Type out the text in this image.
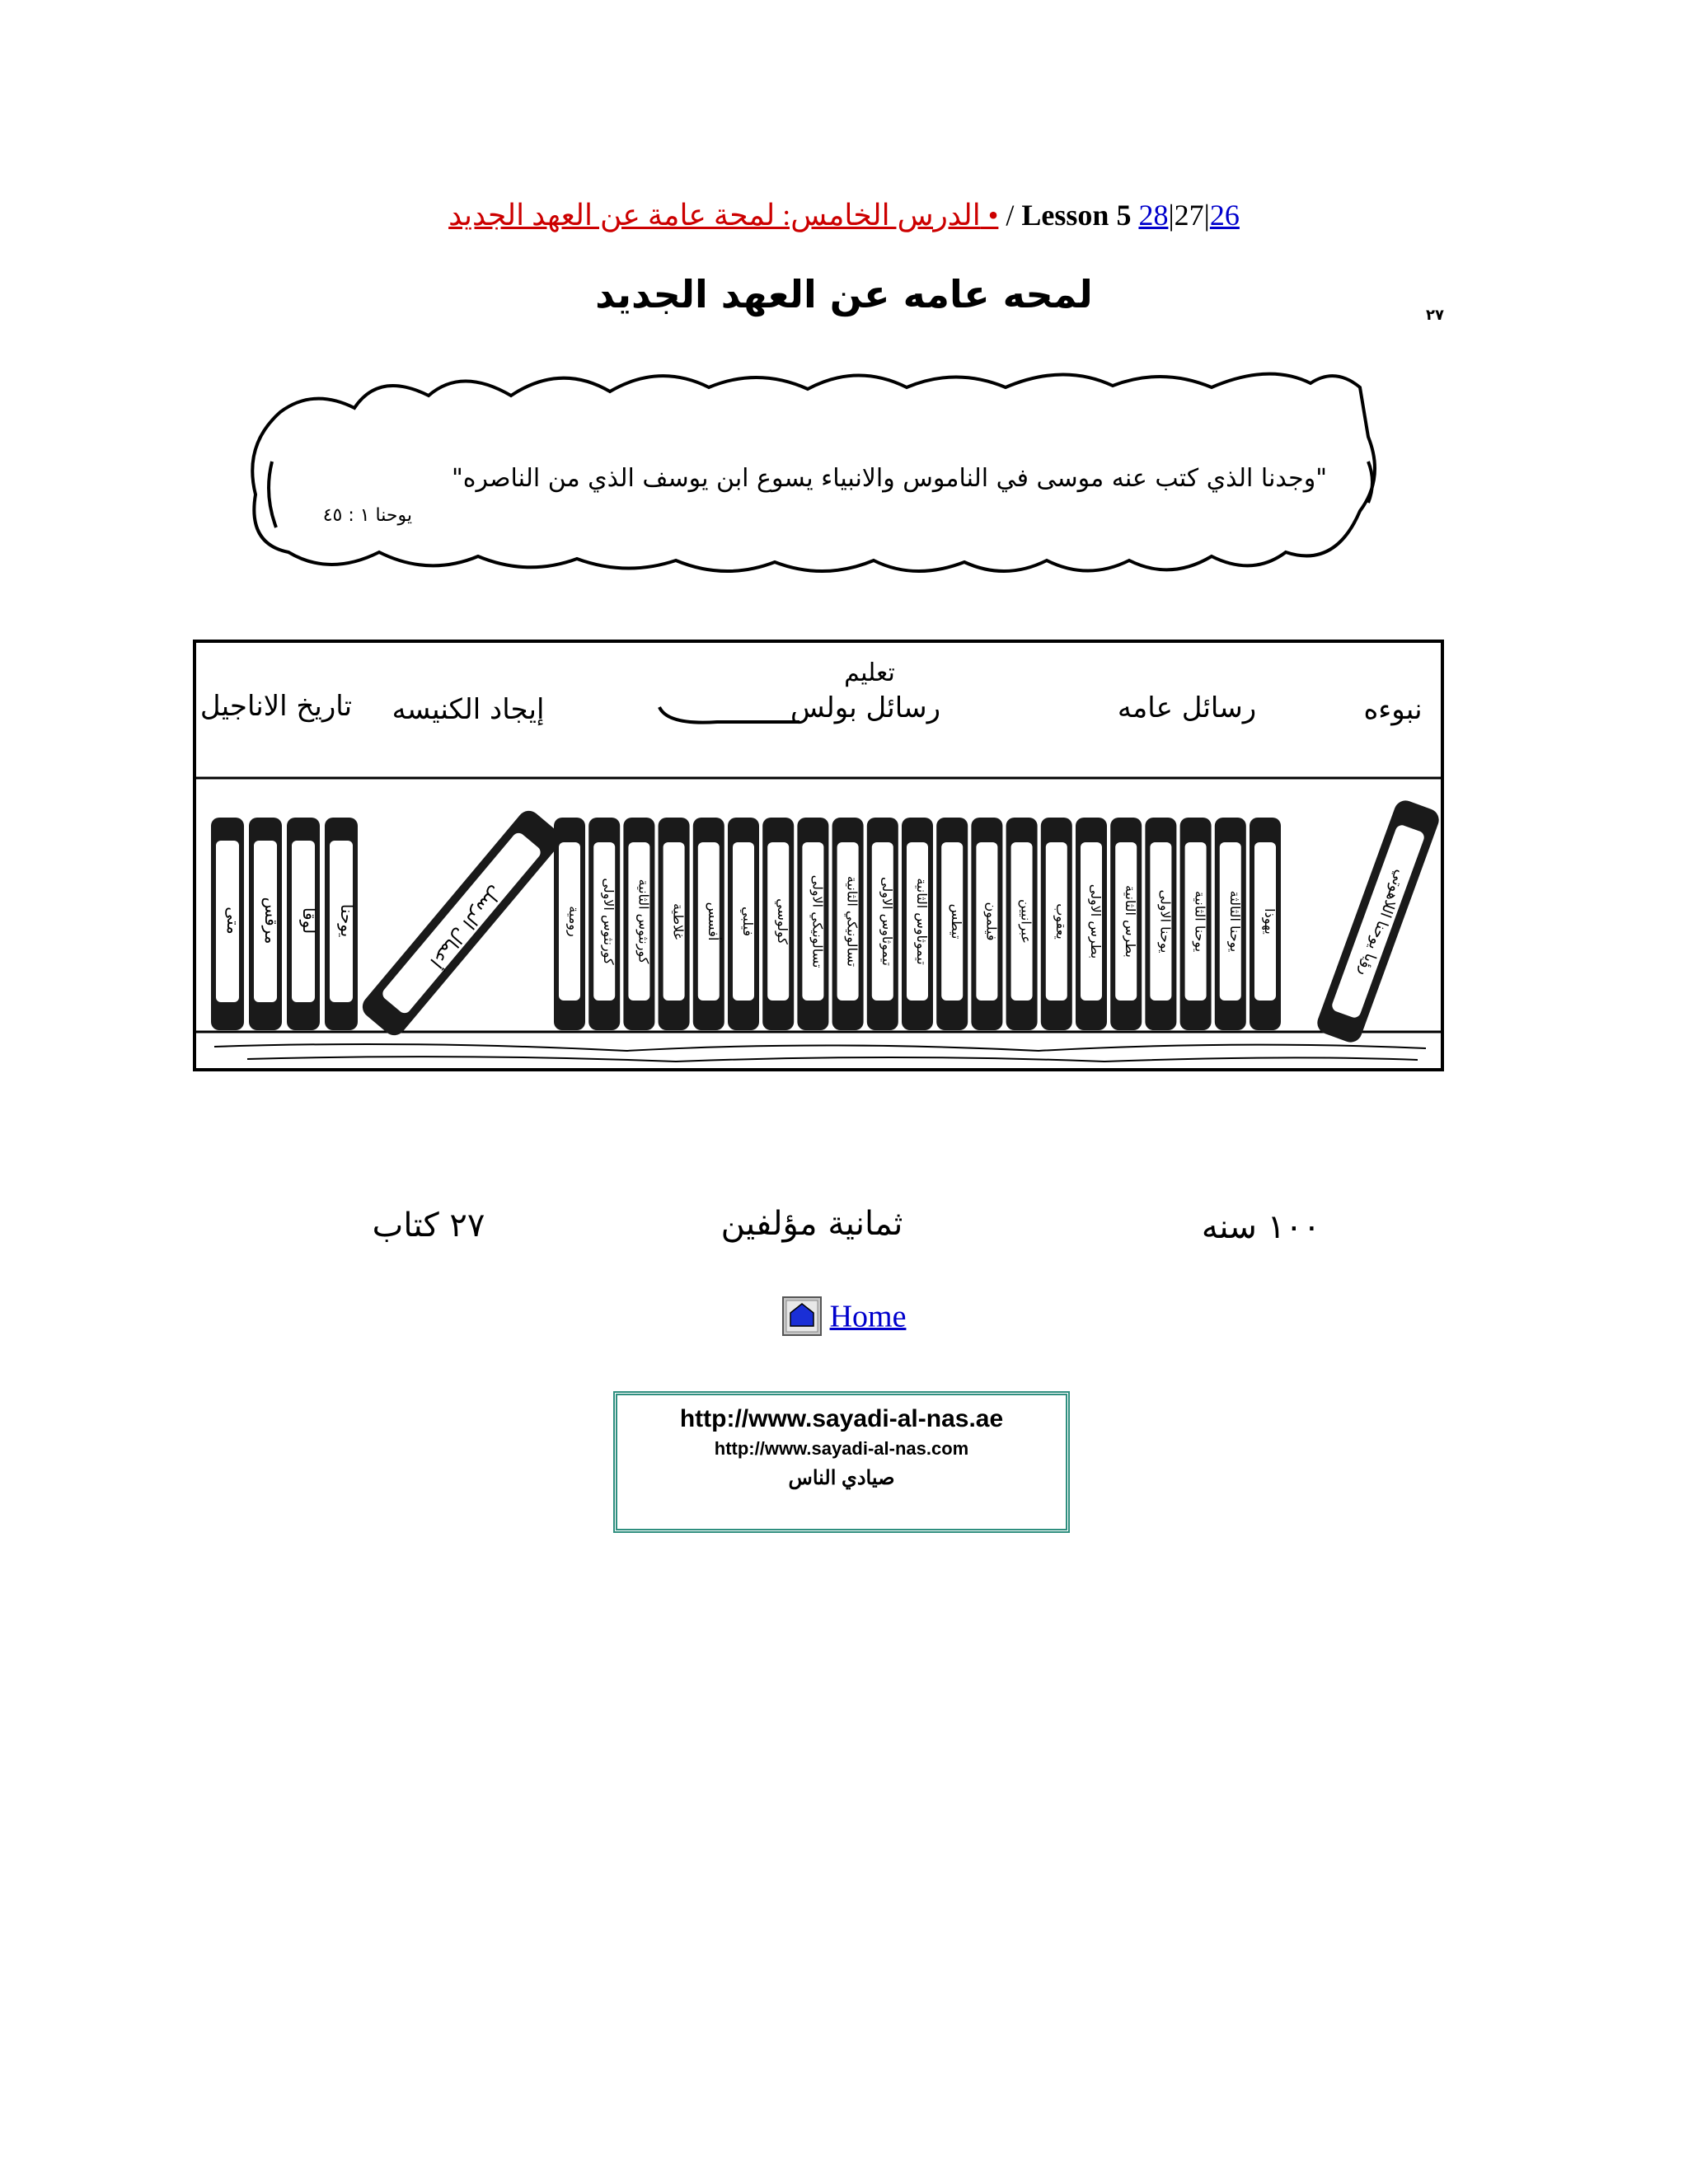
الدرس الخامس: لمحة عامة عن العهد الجديد • / Lesson 5 28|27|26
لمحه عامه عن العهد الجديد	٢٧
"وجدنا الذي كتب عنه موسى في الناموس والانبياء يسوع ابن يوسف الذي من الناصره"
يوحنا ١ : ٤٥
نبوءه
رسائل عامه
رسائل بولس
تعليم
إيجاد الكنيسه
تاريخ الاناجيل
متى مرقس لوقا يوحنا	أعمال الرسل	رومية كورنثوس الاولى كورنثوس الثانية غلاطية أفسس فيلبي كولوسي تسالونيكي الاولى تسالونيكي الثانية تيموثاوس الاولى تيموثاوس الثانية تيطس فيلمون عبرانيين يعقوب بطرس الاولى بطرس الثانية يوحنا الاولى يوحنا الثانية يوحنا الثالثة يهوذا	رؤيا يوحنا اللاهوتي
١٠٠ سنه
ثمانية مؤلفين
٢٧ كتاب
Home
http://www.sayadi-al-nas.ae
http://www.sayadi-al-nas.com
صيادي الناس
